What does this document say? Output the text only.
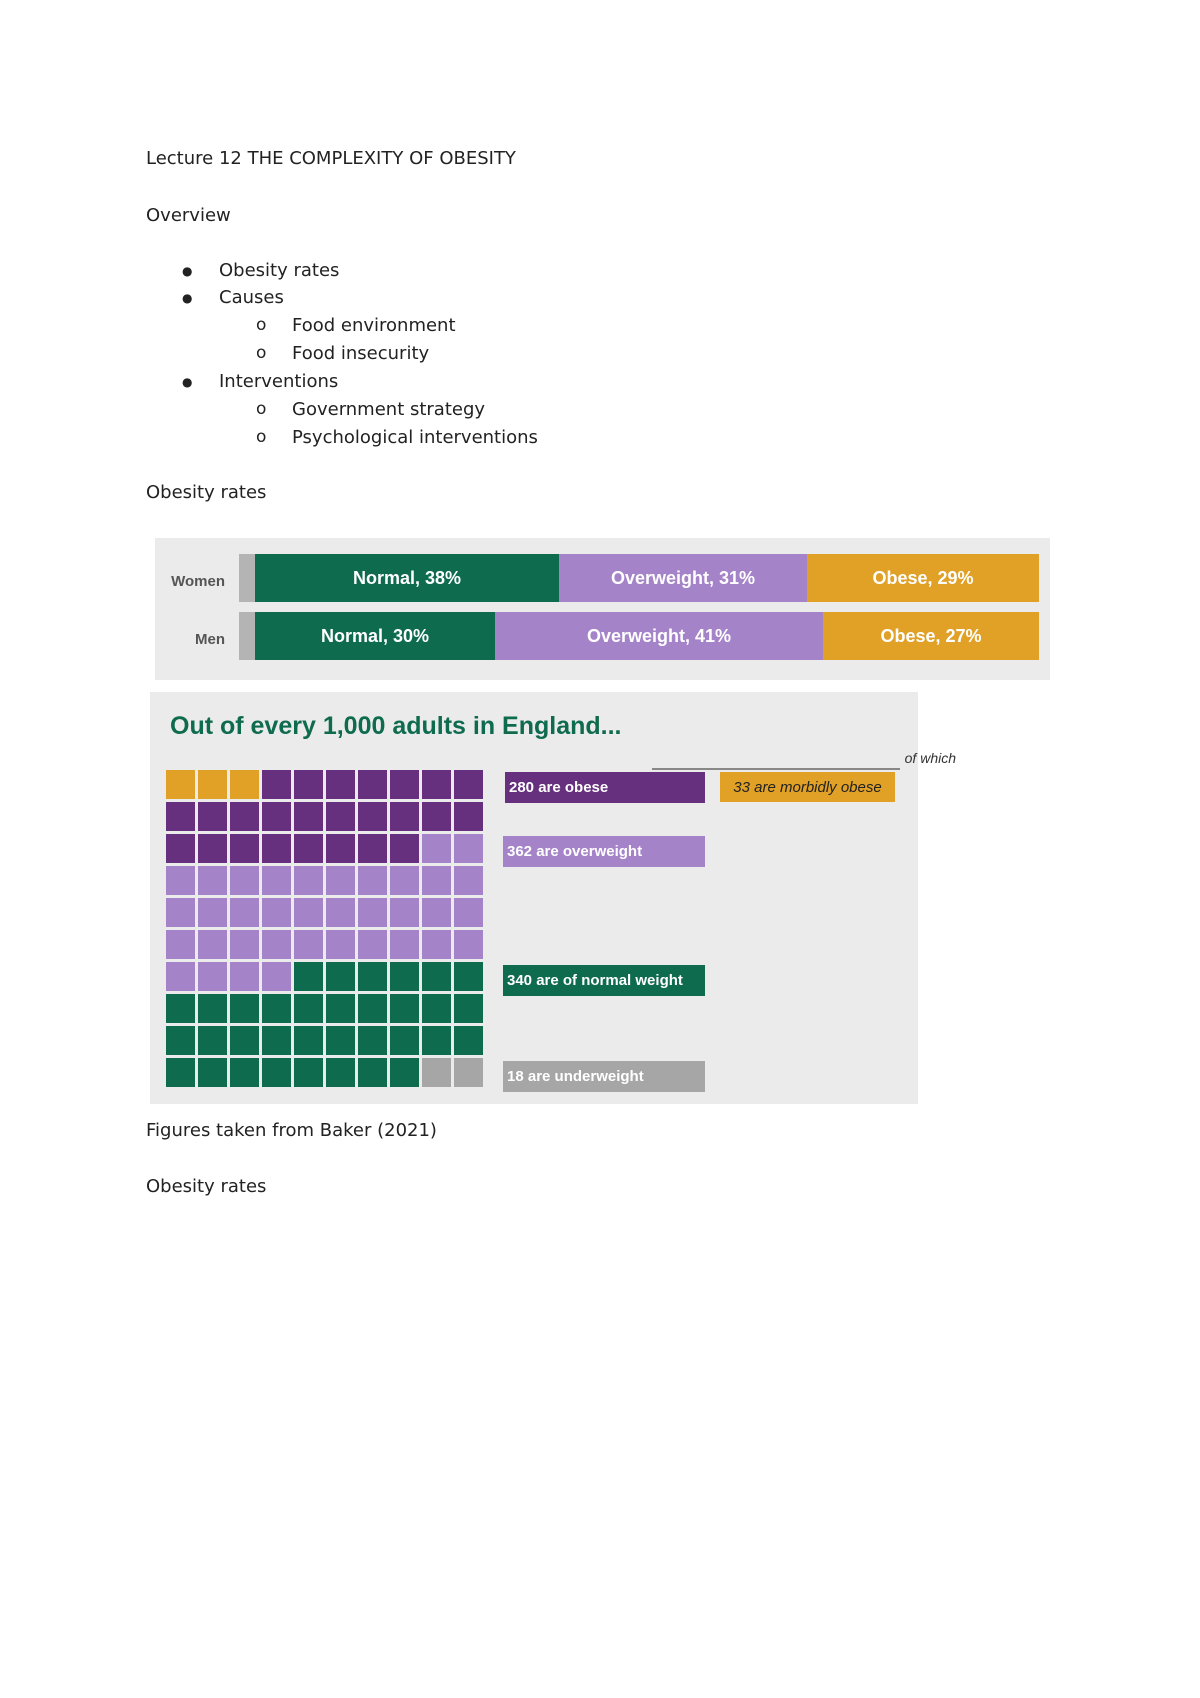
Lecture 12 THE COMPLEXITY OF OBESITY
Overview
● Obesity rates
● Causes
o Food environment
o Food insecurity
● Interventions
o Government strategy
o Psychological interventions
Obesity rates
Women
Men
Normal, 38%	Overweight, 31%	Obese, 29%
Normal, 30%	Overweight, 41%	Obese, 27%
Out of every 1,000 adults in England...
280 are obese
362 are overweight
340 are of normal weight
18 are underweight
of which
33 are morbidly obese
Figures taken from Baker (2021)
Obesity rates
